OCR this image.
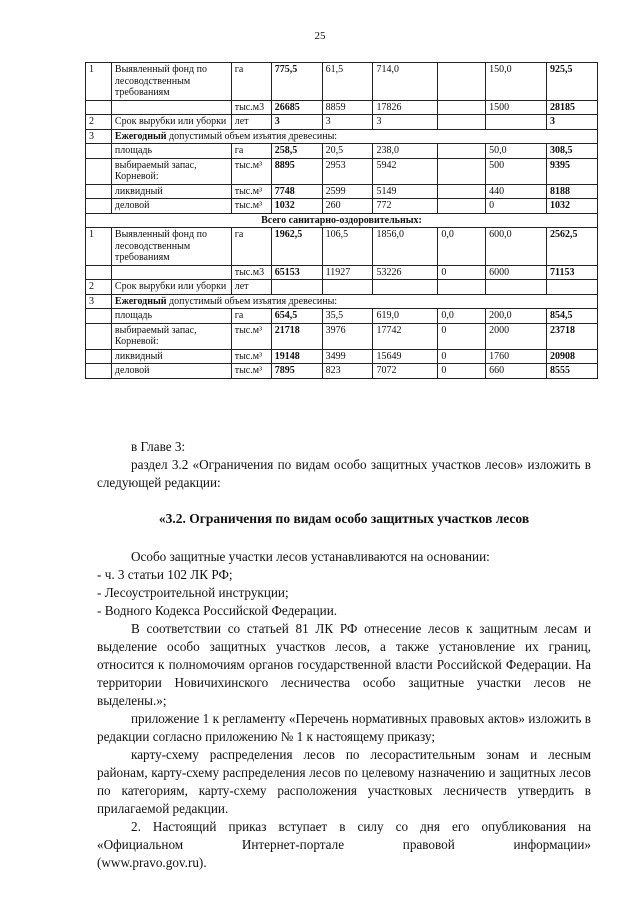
25
1	Выявленный фонд по лесоводственным требованиям	га	775,5	61,5	714,0		150,0	925,5
		тыс.м3	26685	8859	17826		1500	28185
2	Срок вырубки или уборки	лет	3	3	3			3
3	Ежегодный допустимый объем изъятия древесины:							
	площадь	га	258,5	20,5	238,0		50,0	308,5
	выбираемый запас, Корневой:	тыс.м³	8895	2953	5942		500	9395
	ликвидный	тыс.м³	7748	2599	5149		440	8188
	деловой	тыс.м³	1032	260	772		0	1032
Всего санитарно-оздоровительных:								
1	Выявленный фонд по лесоводственным требованиям	га	1962,5	106,5	1856,0	0,0	600,0	2562,5
		тыс.м3	65153	11927	53226	0	6000	71153
2	Срок вырубки или уборки	лет						
3	Ежегодный допустимый объем изъятия древесины:							
	площадь	га	654,5	35,5	619,0	0,0	200,0	854,5
	выбираемый запас, Корневой:	тыс.м³	21718	3976	17742	0	2000	23718
	ликвидный	тыс.м³	19148	3499	15649	0	1760	20908
	деловой	тыс.м³	7895	823	7072	0	660	8555

в Главе 3:

раздел 3.2 «Ограничения по видам особо защитных участков лесов» изложить в следующей редакции:

«3.2. Ограничения по видам особо защитных участков лесов

Особо защитные участки лесов устанавливаются на основании:

- ч. 3 статьи 102 ЛК РФ;

- Лесоустроительной инструкции;

- Водного Кодекса Российской Федерации.

В соответствии со статьей 81 ЛК РФ отнесение лесов к защитным лесам и выделение особо защитных участков лесов, а также установление их границ, относится к полномочиям органов государственной власти Российской Федерации. На территории Новичихинского лесничества особо защитные участки лесов не выделены.»;

приложение 1 к регламенту «Перечень нормативных правовых актов» изложить в редакции согласно приложению № 1 к настоящему приказу;

карту-схему распределения лесов по лесорастительным зонам и лесным районам, карту-схему распределения лесов по целевому назначению и защитных лесов по категориям, карту-схему расположения участковых лесничеств утвердить в прилагаемой редакции.

2. Настоящий приказ вступает в силу со дня его опубликования на

«Официальном Интернет-портале правовой информации»

(www.pravo.gov.ru).
